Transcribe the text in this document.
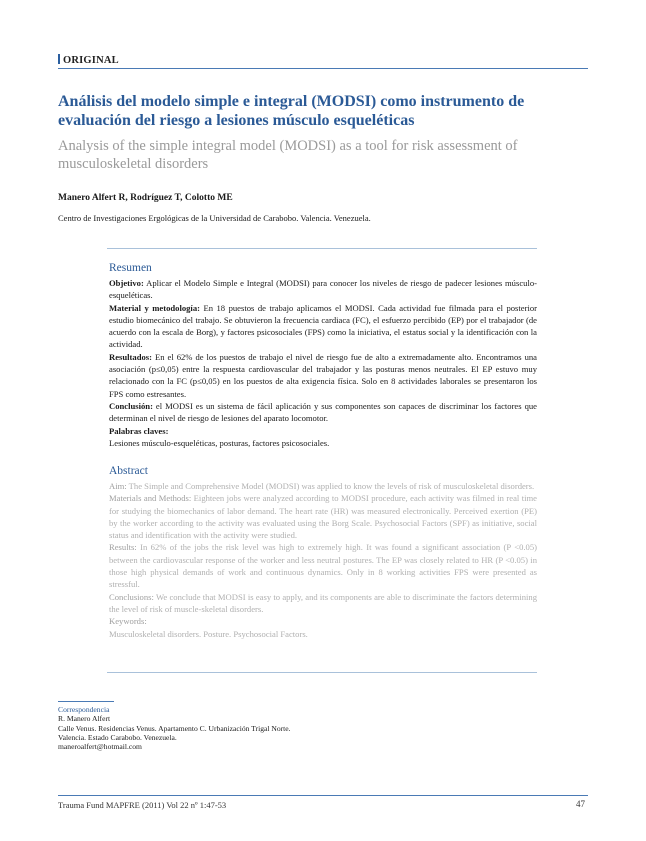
ORIGINAL
Análisis del modelo simple e integral (MODSI) como instrumento de evaluación del riesgo a lesiones músculo esqueléticas
Analysis of the simple integral model (MODSI) as a tool for risk assessment of musculoskeletal disorders
Manero Alfert R, Rodríguez T, Colotto ME
Centro de Investigaciones Ergológicas de la Universidad de Carabobo. Valencia. Venezuela.
Resumen

Objetivo: Aplicar el Modelo Simple e Integral (MODSI) para conocer los niveles de riesgo de padecer lesiones músculo-esqueléticas.

Material y metodología: En 18 puestos de trabajo aplicamos el MODSI. Cada actividad fue filmada para el posterior estudio biomecánico del trabajo. Se obtuvieron la frecuencia cardiaca (FC), el esfuerzo percibido (EP) por el trabajador (de acuerdo con la escala de Borg), y factores psicosociales (FPS) como la iniciativa, el estatus social y la identificación con la actividad.

Resultados: En el 62% de los puestos de trabajo el nivel de riesgo fue de alto a extremadamente alto. Encontramos una asociación (p≤0,05) entre la respuesta cardiovascular del trabajador y las posturas menos neutrales. El EP estuvo muy relacionado con la FC (p≤0,05) en los puestos de alta exigencia física. Solo en 8 actividades laborales se presentaron los FPS como estresantes.

Conclusión: el MODSI es un sistema de fácil aplicación y sus componentes son capaces de discriminar los factores que determinan el nivel de riesgo de lesiones del aparato locomotor.

Palabras claves:

Lesiones músculo-esqueléticas, posturas, factores psicosociales.

Abstract

Aim: The Simple and Comprehensive Model (MODSI) was applied to know the levels of risk of musculoskeletal disorders.

Materials and Methods: Eighteen jobs were analyzed according to MODSI procedure, each activity was filmed in real time for studying the biomechanics of labor demand. The heart rate (HR) was measured electronically. Perceived exertion (PE) by the worker according to the activity was evaluated using the Borg Scale. Psychosocial Factors (SPF) as initiative, social status and identification with the activity were studied.

Results: In 62% of the jobs the risk level was high to extremely high. It was found a significant association (P <0.05) between the cardiovascular response of the worker and less neutral postures. The EP was closely related to HR (P <0.05) in those high physical demands of work and continuous dynamics. Only in 8 working activities FPS were presented as stressful.

Conclusions: We conclude that MODSI is easy to apply, and its components are able to discriminate the factors determining the level of risk of muscle-skeletal disorders.

Keywords:

Musculoskeletal disorders. Posture. Psychosocial Factors.

Correspondencia
R. Manero Alfert
Calle Venus. Residencias Venus. Apartamento C. Urbanización Trigal Norte.
Valencia. Estado Carabobo. Venezuela.
maneroalfert@hotmail.com
Trauma Fund MAPFRE (2011) Vol 22 nº 1:47-53	47
